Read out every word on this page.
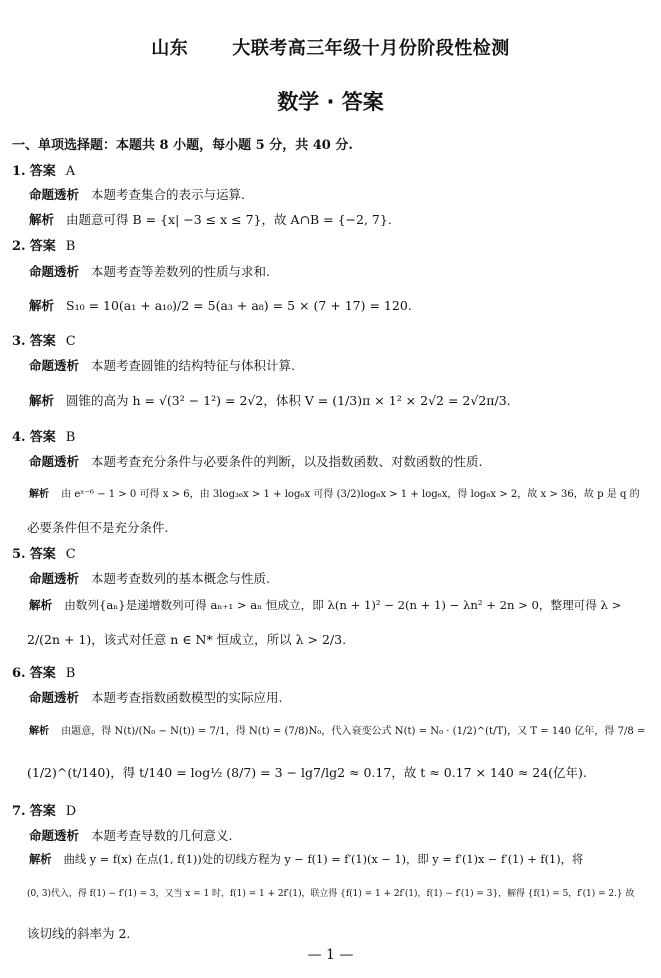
山东 大联考高三年级十月份阶段性检测
数学 · 答案
一、单项选择题：本题共 8 小题，每小题 5 分，共 40 分.
1. 答案 A
命题透析 本题考查集合的表示与运算.
解析 由题意可得 B = {x| −3 ≤ x ≤ 7}，故 A∩B = {−2, 7}.
2. 答案 B
命题透析 本题考查等差数列的性质与求和.
解析 S₁₀ = 10(a₁ + a₁₀)/2 = 5(a₃ + a₈) = 5 × (7 + 17) = 120.
3. 答案 C
命题透析 本题考查圆锥的结构特征与体积计算.
解析 圆锥的高为 h = √(3² − 1²) = 2√2，体积 V = (1/3)π × 1² × 2√2 = 2√2π/3.
4. 答案 B
命题透析 本题考查充分条件与必要条件的判断，以及指数函数、对数函数的性质.
解析 由 eˣ⁻⁶ − 1 > 0 可得 x > 6，由 3log₃₆x > 1 + log₆x 可得 (3/2)log₆x > 1 + log₆x，得 log₆x > 2，故 x > 36，故 p 是 q 的
必要条件但不是充分条件.
5. 答案 C
命题透析 本题考查数列的基本概念与性质.
解析 由数列{aₙ}是递增数列可得 aₙ₊₁ > aₙ 恒成立，即 λ(n + 1)² − 2(n + 1) − λn² + 2n > 0，整理可得 λ >
2/(2n + 1)，该式对任意 n ∈ N* 恒成立，所以 λ > 2/3.
6. 答案 B
命题透析 本题考查指数函数模型的实际应用.
解析 由题意，得 N(t)/(N₀ − N(t)) = 7/1，得 N(t) = (7/8)N₀，代入衰变公式 N(t) = N₀ · (1/2)^(t/T)，又 T = 140 亿年，得 7/8 =
(1/2)^(t/140)，得 t/140 = log½ (8/7) = 3 − lg7/lg2 ≈ 0.17，故 t ≈ 0.17 × 140 ≈ 24(亿年).
7. 答案 D
命题透析 本题考查导数的几何意义.
解析 曲线 y = f(x) 在点(1, f(1))处的切线方程为 y − f(1) = f′(1)(x − 1)，即 y = f′(1)x − f′(1) + f(1)，将
(0, 3)代入，得 f(1) − f′(1) = 3，又当 x = 1 时，f(1) = 1 + 2f′(1)，联立得 {f(1) = 1 + 2f′(1)，f(1) − f′(1) = 3}，解得 {f(1) = 5，f′(1) = 2.} 故
该切线的斜率为 2.
— 1 —
